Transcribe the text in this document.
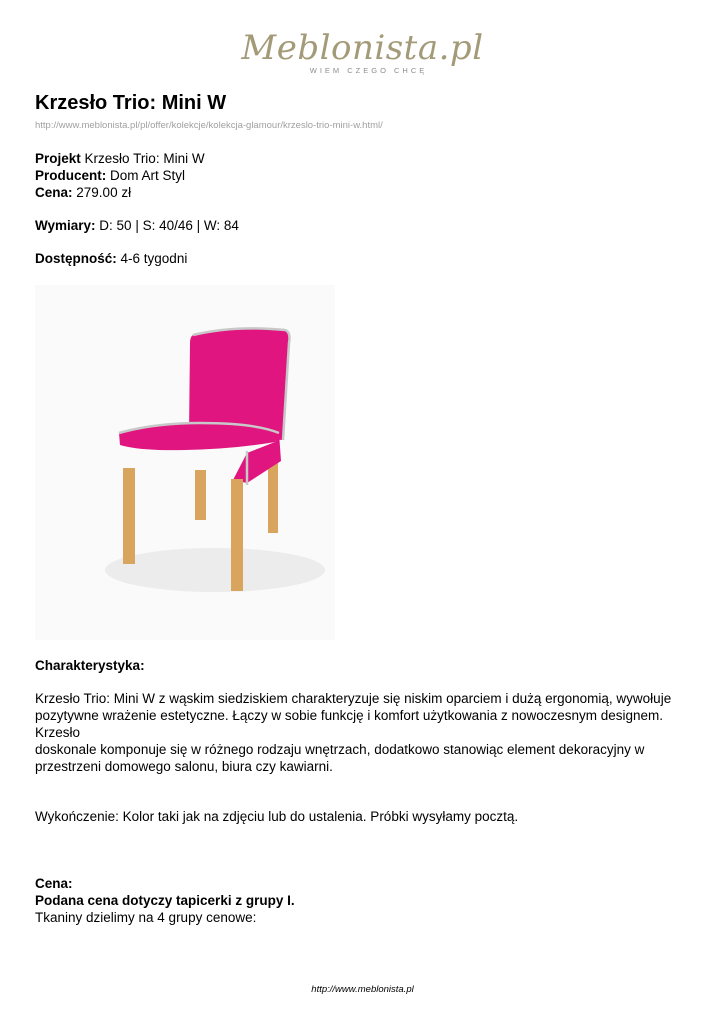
Meblonista.pl
WIEM CZEGO CHCĘ
Krzesło Trio: Mini W
http://www.meblonista.pl/pl/offer/kolekcje/kolekcja-glamour/krzeslo-trio-mini-w.html/
Projekt Krzesło Trio: Mini W
Producent: Dom Art Styl
Cena: 279.00 zł
Wymiary: D: 50 | S: 40/46 | W: 84
Dostępność: 4-6 tygodni
Charakterystyka:
Krzesło Trio: Mini W z wąskim siedziskiem charakteryzuje się niskim oparciem i dużą ergonomią, wywołuje
pozytywne wrażenie estetyczne. Łączy w sobie funkcję i komfort użytkowania z nowoczesnym designem. Krzesło
doskonale komponuje się w różnego rodzaju wnętrzach, dodatkowo stanowiąc element dekoracyjny w
przestrzeni domowego salonu, biura czy kawiarni.
Wykończenie: Kolor taki jak na zdjęciu lub do ustalenia. Próbki wysyłamy pocztą.
Cena:
Podana cena dotyczy tapicerki z grupy I.
Tkaniny dzielimy na 4 grupy cenowe:
http://www.meblonista.pl
